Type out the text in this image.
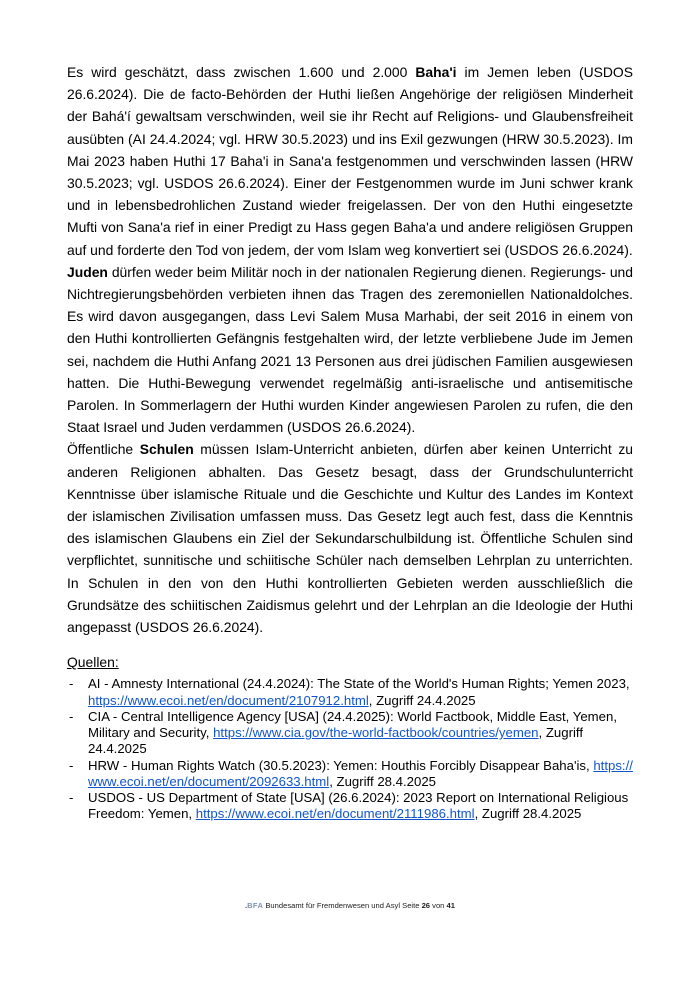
Es wird geschätzt, dass zwischen 1.600 und 2.000 Baha'i im Jemen leben (USDOS 26.6.2024). Die de facto-Behörden der Huthi ließen Angehörige der religiösen Minderheit der Bahá'í gewaltsam verschwinden, weil sie ihr Recht auf Religions- und Glaubensfreiheit ausübten (AI 24.4.2024; vgl. HRW 30.5.2023) und ins Exil gezwungen (HRW 30.5.2023). Im Mai 2023 haben Huthi 17 Baha'i in Sana'a festgenommen und verschwinden lassen (HRW 30.5.2023; vgl. USDOS 26.6.2024). Einer der Festgenommen wurde im Juni schwer krank und in lebensbedrohlichen Zustand wieder freigelassen. Der von den Huthi eingesetzte Mufti von Sana'a rief in einer Predigt zu Hass gegen Baha'a und andere religiösen Gruppen auf und forderte den Tod von jedem, der vom Islam weg konvertiert sei (USDOS 26.6.2024).

Juden dürfen weder beim Militär noch in der nationalen Regierung dienen. Regierungs- und Nichtregierungsbehörden verbieten ihnen das Tragen des zeremoniellen Nationaldolches. Es wird davon ausgegangen, dass Levi Salem Musa Marhabi, der seit 2016 in einem von den Huthi kontrollierten Gefängnis festgehalten wird, der letzte verbliebene Jude im Jemen sei, nachdem die Huthi Anfang 2021 13 Personen aus drei jüdischen Familien ausgewiesen hatten. Die Huthi-Bewegung verwendet regelmäßig anti-israelische und antisemitische Parolen. In Sommerlagern der Huthi wurden Kinder angewiesen Parolen zu rufen, die den Staat Israel und Juden verdammen (USDOS 26.6.2024).

Öffentliche Schulen müssen Islam-Unterricht anbieten, dürfen aber keinen Unterricht zu anderen Religionen abhalten. Das Gesetz besagt, dass der Grundschulunterricht Kenntnisse über islamische Rituale und die Geschichte und Kultur des Landes im Kontext der islamischen Zivilisation umfassen muss. Das Gesetz legt auch fest, dass die Kenntnis des islamischen Glaubens ein Ziel der Sekundarschulbildung ist. Öffentliche Schulen sind verpflichtet, sunnitische und schiitische Schüler nach demselben Lehrplan zu unterrichten. In Schulen in den von den Huthi kontrollierten Gebieten werden ausschließlich die Grundsätze des schiitischen Zaidismus gelehrt und der Lehrplan an die Ideologie der Huthi angepasst (USDOS 26.6.2024).

Quellen:

- AI - Amnesty International (24.4.2024): The State of the World's Human Rights; Yemen 2023, https://www.ecoi.net/en/document/2107912.html, Zugriff 24.4.2025
- CIA - Central Intelligence Agency [USA] (24.4.2025): World Factbook, Middle East, Yemen, Military and Security, https://www.cia.gov/the-world-factbook/countries/yemen, Zugriff 24.4.2025
- HRW - Human Rights Watch (30.5.2023): Yemen: Houthis Forcibly Disappear Baha'is, https://www.ecoi.net/en/document/2092633.html, Zugriff 28.4.2025
- USDOS - US Department of State [USA] (26.6.2024): 2023 Report on International Religious Freedom: Yemen, https://www.ecoi.net/en/document/2111986.html, Zugriff 28.4.2025
.BFA Bundesamt für Fremdenwesen und Asyl Seite 26 von 41
